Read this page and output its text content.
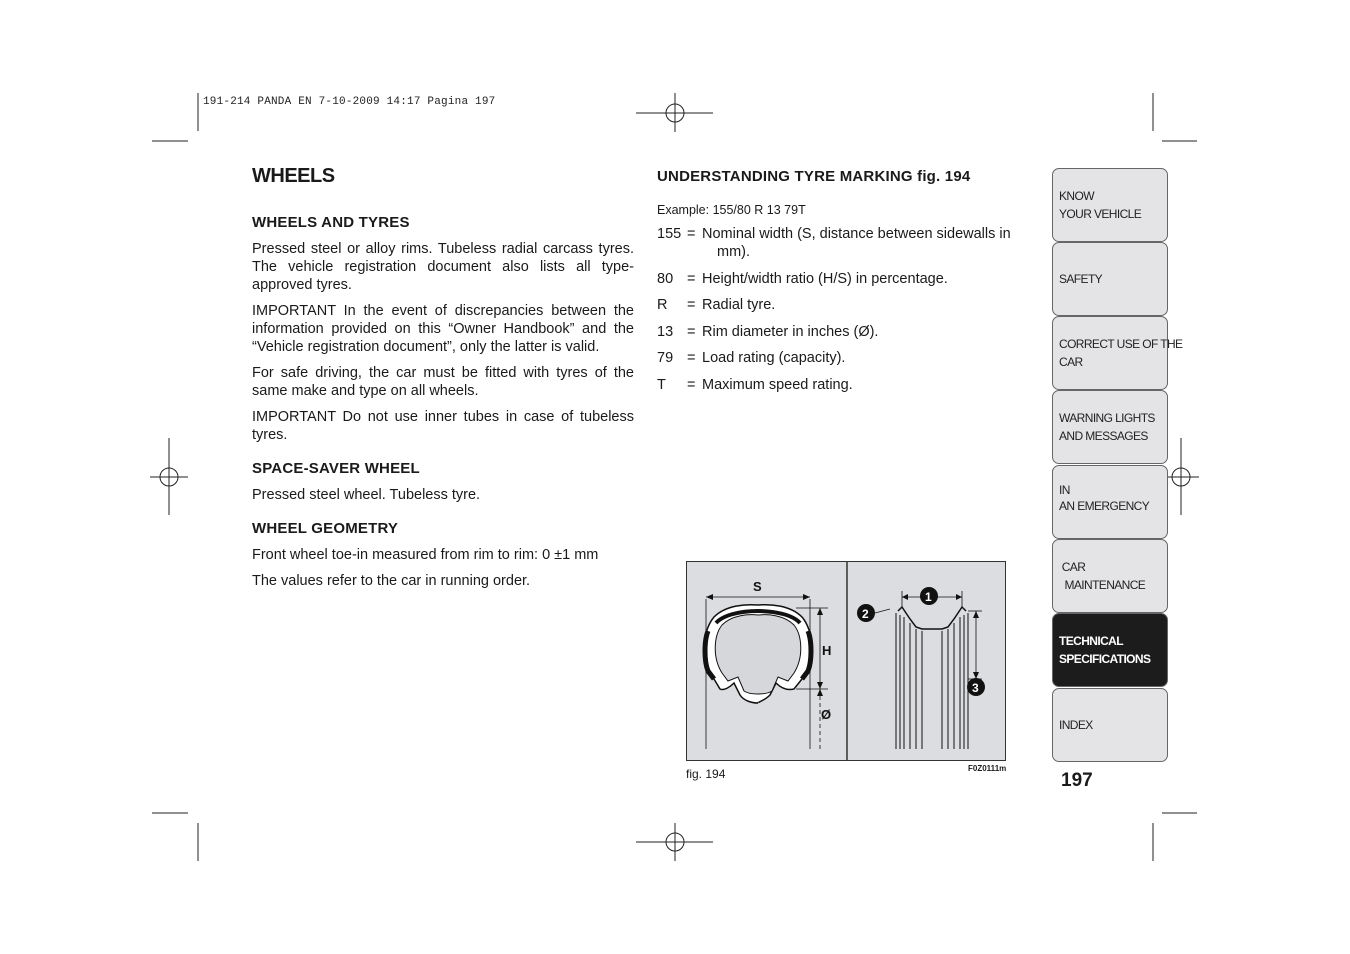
191-214 PANDA EN 7-10-2009 14:17 Pagina 197
WHEELS
WHEELS AND TYRES

Pressed steel or alloy rims. Tubeless radial carcass tyres. The vehicle registration document also lists all type-approved tyres.

IMPORTANT In the event of discrepancies between the information provided on this “Owner Handbook” and the “Vehicle registration document”, only the latter is valid.

For safe driving, the car must be fitted with tyres of the same make and type on all wheels.

IMPORTANT Do not use inner tubes in case of tubeless tyres.

SPACE-SAVER WHEEL

Pressed steel wheel. Tubeless tyre.

WHEEL GEOMETRY

Front wheel toe-in measured from rim to rim: 0 ±1 mm

The values refer to the car in running order.

UNDERSTANDING TYRE MARKING fig. 194

Example: 155/80 R 13 79T

155 = Nominal width (S, distance between sidewalls in
mm).
80 = Height/width ratio (H/S) in percentage.
R	= Radial tyre.
13 = Rim diameter in inches (Ø).
79 = Load rating (capacity).
T	= Maximum speed rating.
S
H
Ø
1
2
3
fig. 194	F0Z0111m
KNOW
YOUR VEHICLE
SAFETY
CORRECT USE OF THE
CAR
WARNING LIGHTS
AND MESSAGES
IN
AN EMERGENCY
CAR
MAINTENANCE
TECHNICAL
SPECIFICATIONS
INDEX
197
